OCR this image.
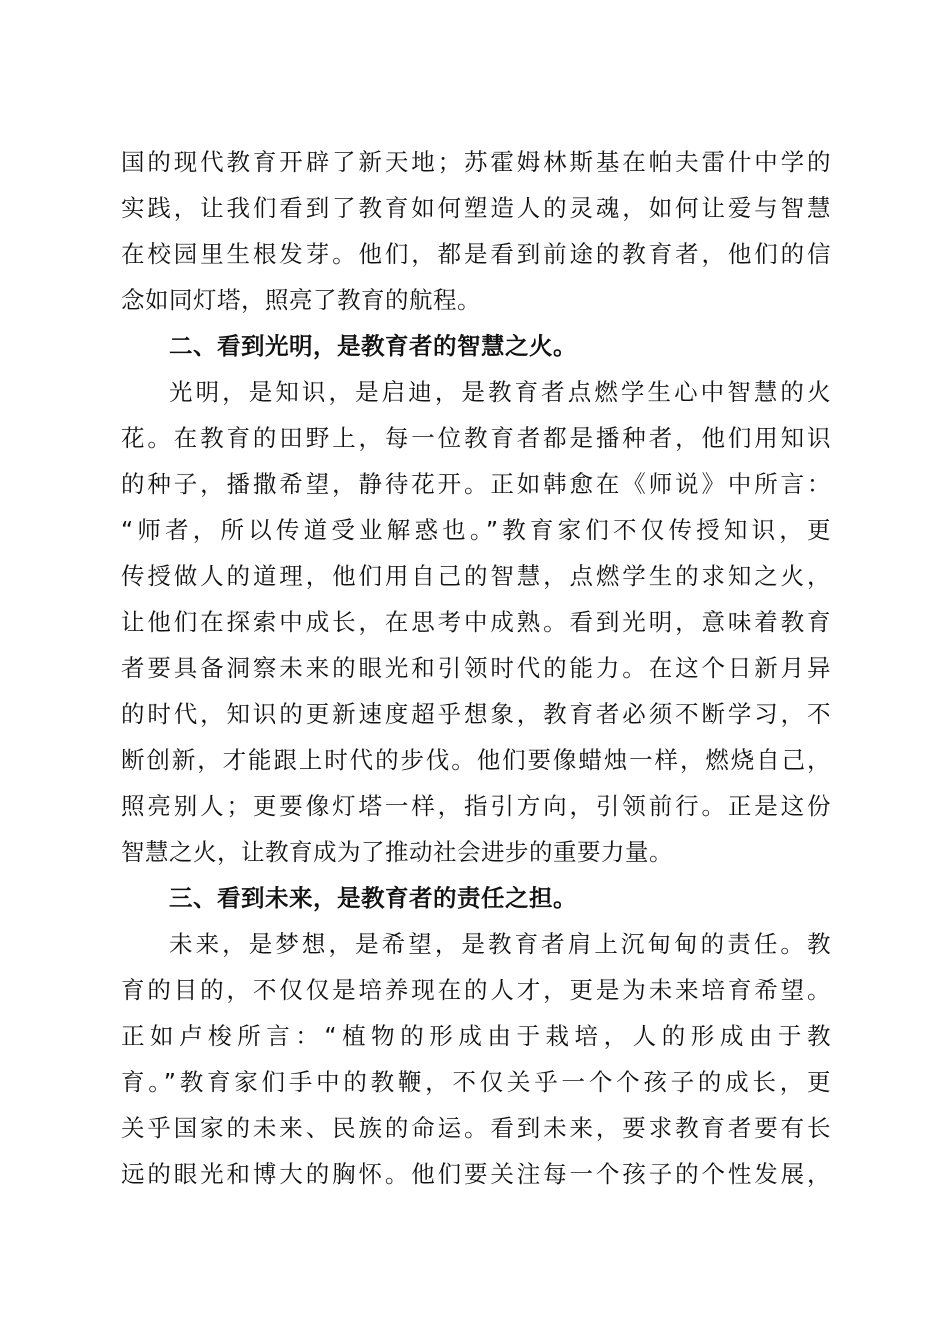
国的现代教育开辟了新天地；苏霍姆林斯基在帕夫雷什中学的
实践，让我们看到了教育如何塑造人的灵魂，如何让爱与智慧
在校园里生根发芽。他们，都是看到前途的教育者，他们的信
念如同灯塔，照亮了教育的航程。
二、看到光明，是教育者的智慧之火。
光明，是知识，是启迪，是教育者点燃学生心中智慧的火
花。在教育的田野上，每一位教育者都是播种者，他们用知识
的种子，播撒希望，静待花开。正如韩愈在《师说》中所言：
“师者，所以传道受业解惑也。”教育家们不仅传授知识，更
传授做人的道理，他们用自己的智慧，点燃学生的求知之火，
让他们在探索中成长，在思考中成熟。看到光明，意味着教育
者要具备洞察未来的眼光和引领时代的能力。在这个日新月异
的时代，知识的更新速度超乎想象，教育者必须不断学习，不
断创新，才能跟上时代的步伐。他们要像蜡烛一样，燃烧自己，
照亮别人；更要像灯塔一样，指引方向，引领前行。正是这份
智慧之火，让教育成为了推动社会进步的重要力量。
三、看到未来，是教育者的责任之担。
未来，是梦想，是希望，是教育者肩上沉甸甸的责任。教
育的目的，不仅仅是培养现在的人才，更是为未来培育希望。
正如卢梭所言：“植物的形成由于栽培，人的形成由于教
育。”教育家们手中的教鞭，不仅关乎一个个孩子的成长，更
关乎国家的未来、民族的命运。看到未来，要求教育者要有长
远的眼光和博大的胸怀。他们要关注每一个孩子的个性发展，
